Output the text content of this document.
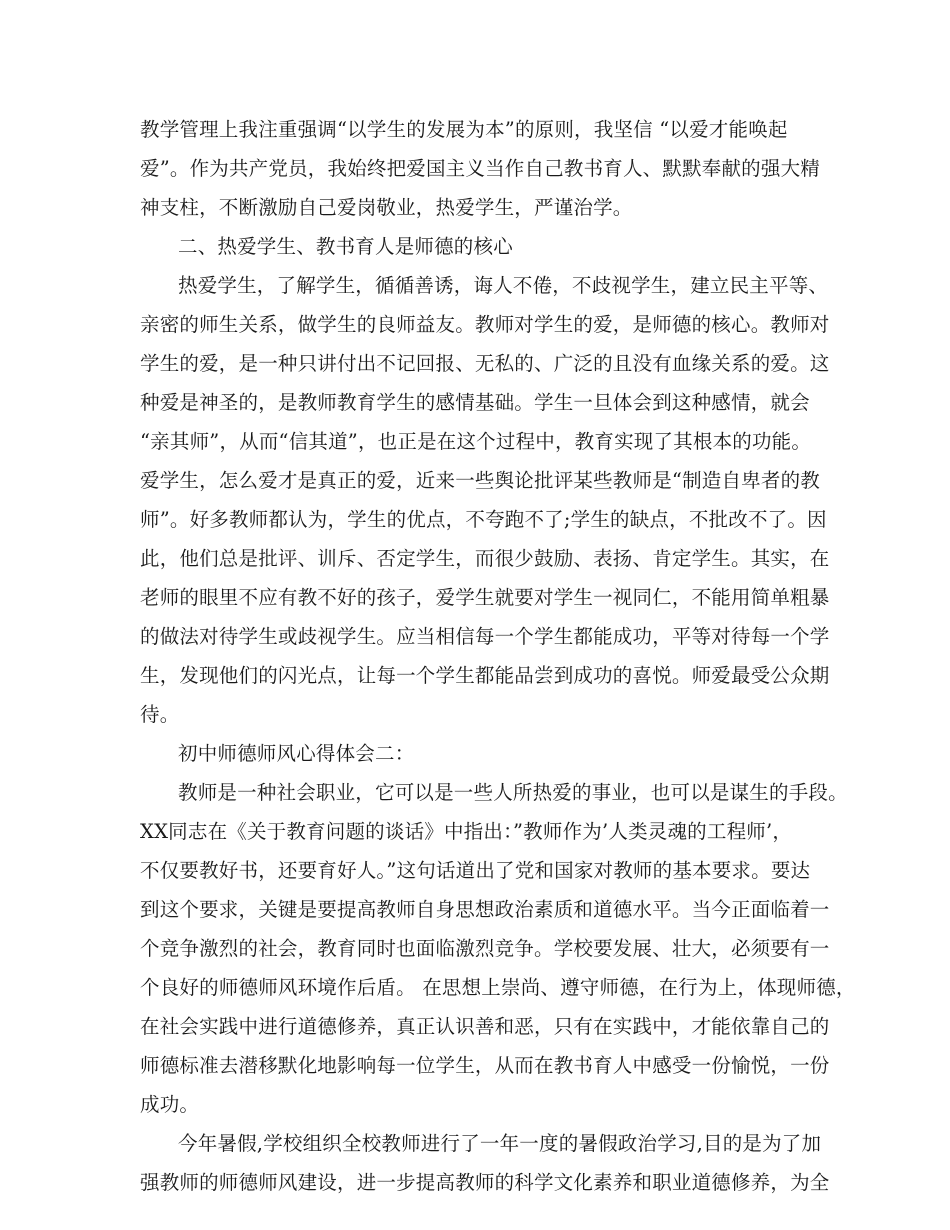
教学管理上我注重强调“以学生的发展为本”的原则，我坚信 “以爱才能唤起
爱”。作为共产党员，我始终把爱国主义当作自己教书育人、默默奉献的强大精
神支柱，不断激励自己爱岗敬业，热爱学生，严谨治学。
二、热爱学生、教书育人是师德的核心
热爱学生，了解学生，循循善诱，诲人不倦，不歧视学生，建立民主平等、
亲密的师生关系，做学生的良师益友。教师对学生的爱，是师德的核心。教师对
学生的爱，是一种只讲付出不记回报、无私的、广泛的且没有血缘关系的爱。这
种爱是神圣的，是教师教育学生的感情基础。学生一旦体会到这种感情，就会
“亲其师”，从而“信其道”，也正是在这个过程中，教育实现了其根本的功能。
爱学生，怎么爱才是真正的爱，近来一些舆论批评某些教师是“制造自卑者的教
师”。好多教师都认为，学生的优点，不夸跑不了;学生的缺点，不批改不了。因
此，他们总是批评、训斥、否定学生，而很少鼓励、表扬、肯定学生。其实，在
老师的眼里不应有教不好的孩子，爱学生就要对学生一视同仁，不能用简单粗暴
的做法对待学生或歧视学生。应当相信每一个学生都能成功，平等对待每一个学
生，发现他们的闪光点，让每一个学生都能品尝到成功的喜悦。师爱最受公众期
待。
初中师德师风心得体会二：
教师是一种社会职业，它可以是一些人所热爱的事业，也可以是谋生的手段。
XX同志在《关于教育问题的谈话》中指出：”教师作为’人类灵魂的工程师’，
不仅要教好书，还要育好人。”这句话道出了党和国家对教师的基本要求。要达
到这个要求，关键是要提高教师自身思想政治素质和道德水平。当今正面临着一
个竞争激烈的社会，教育同时也面临激烈竞争。学校要发展、壮大，必须要有一
个良好的师德师风环境作后盾。 在思想上崇尚、遵守师德，在行为上，体现师德，
在社会实践中进行道德修养，真正认识善和恶，只有在实践中，才能依靠自己的
师德标准去潜移默化地影响每一位学生，从而在教书育人中感受一份愉悦，一份
成功。
今年暑假,学校组织全校教师进行了一年一度的暑假政治学习,目的是为了加
强教师的师德师风建设，进一步提高教师的科学文化素养和职业道德修养，为全
